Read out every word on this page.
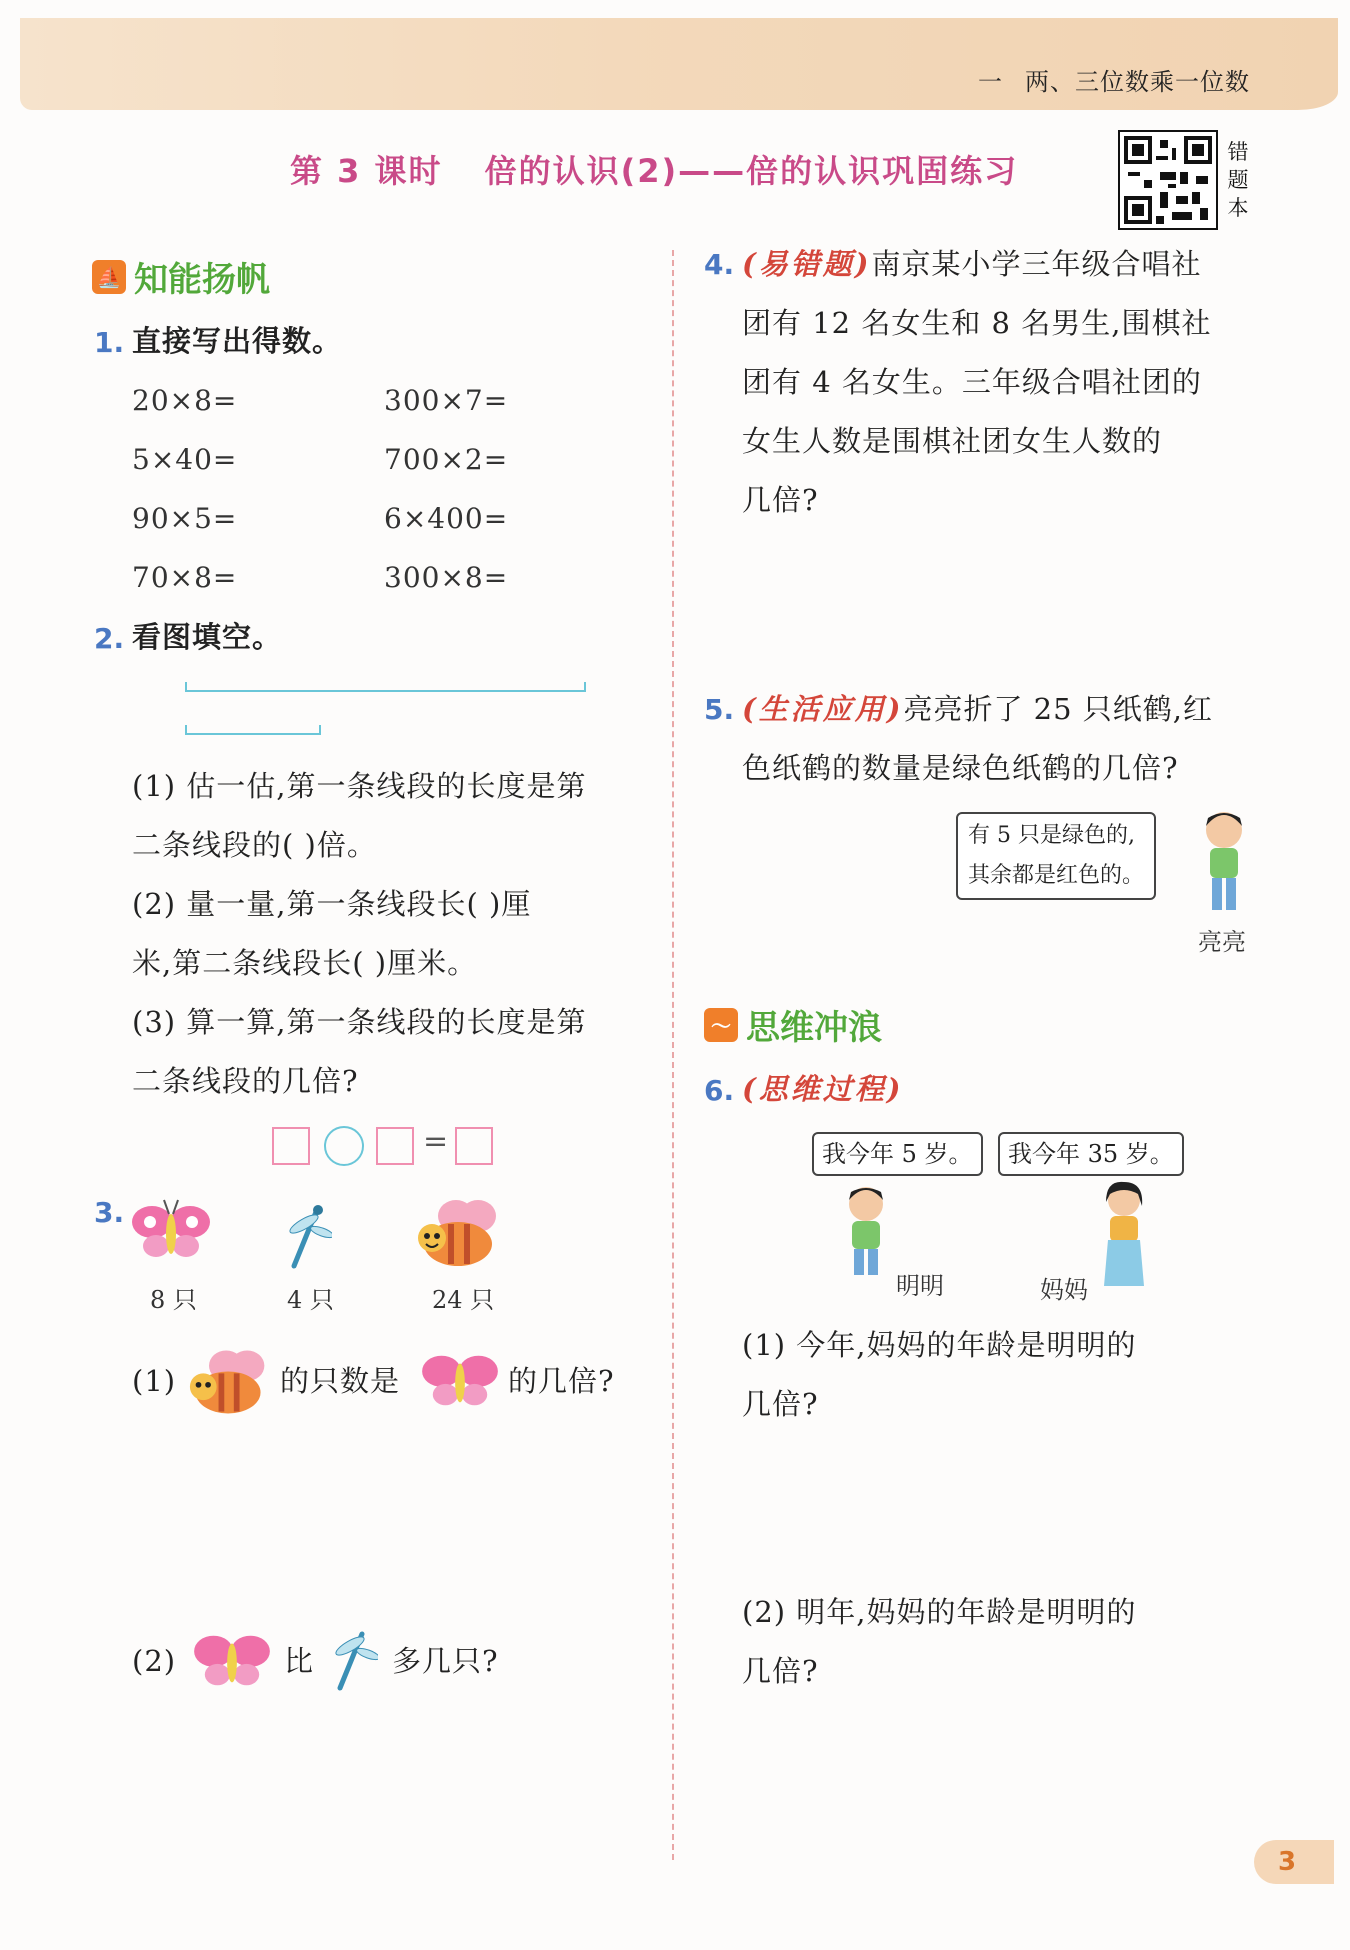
一 两、三位数乘一位数
第 3 课时 倍的认识(2)——倍的认识巩固练习	错
题
本
⛵ 知能扬帆
1. 直接写出得数。
20×8=	300×7=
5×40=	700×2=
90×5=	6×400=
70×8=	300×8=
2. 看图填空。
(1) 估一估,第一条线段的长度是第
二条线段的( )倍。
(2) 量一量,第一条线段长( )厘
米,第二条线段长( )厘米。
(3) 算一算,第一条线段的长度是第
二条线段的几倍?
=
3.
8 只	4 只	24 只
(1)	的只数是	的几倍?
(2)	比	多几只?
4. (易错题)南京某小学三年级合唱社
团有 12 名女生和 8 名男生,围棋社
团有 4 名女生。三年级合唱社团的
女生人数是围棋社团女生人数的
几倍?
5. (生活应用)亮亮折了 25 只纸鹤,红
色纸鹤的数量是绿色纸鹤的几倍?
有 5 只是绿色的,
其余都是红色的。
亮亮
〜 思维冲浪
6. (思维过程)
我今年 5 岁。	我今年 35 岁。
明明	妈妈
(1) 今年,妈妈的年龄是明明的
几倍?
(2) 明年,妈妈的年龄是明明的
几倍?
3
